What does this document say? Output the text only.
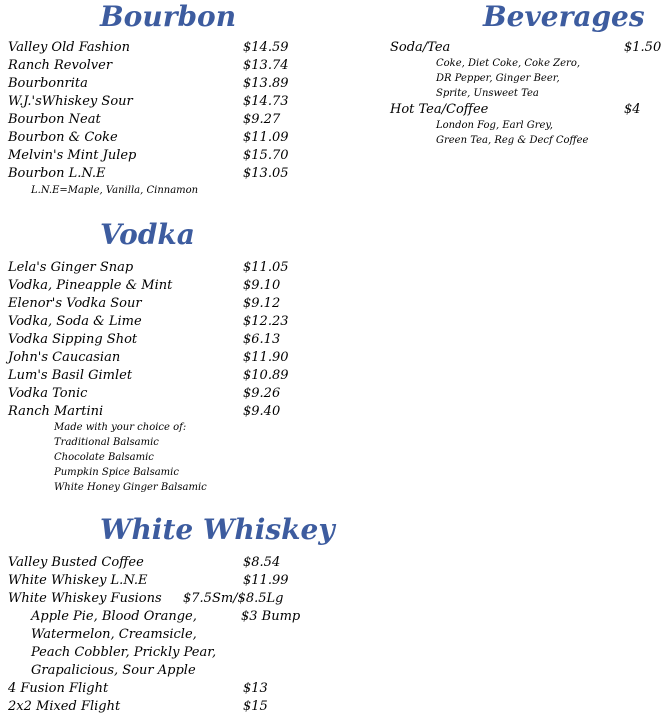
Bourbon
Valley Old Fashion	$14.59
Ranch Revolver	$13.74
Bourbonrita	$13.89
W.J.'sWhiskey Sour	$14.73
Bourbon Neat	$9.27
Bourbon & Coke	$11.09
Melvin's Mint Julep	$15.70
Bourbon L.N.E	$13.05
L.N.E=Maple, Vanilla, Cinnamon
Vodka
Lela's Ginger Snap	$11.05
Vodka, Pineapple & Mint	$9.10
Elenor's Vodka Sour	$9.12
Vodka, Soda & Lime	$12.23
Vodka Sipping Shot	$6.13
John's Caucasian	$11.90
Lum's Basil Gimlet	$10.89
Vodka Tonic	$9.26
Ranch Martini	$9.40
Made with your choice of:
Traditional Balsamic
Chocolate Balsamic
Pumpkin Spice Balsamic
White Honey Ginger Balsamic
White Whiskey
Valley Busted Coffee	$8.54
White Whiskey L.N.E	$11.99
White Whiskey Fusions $7.5Sm/$8.5Lg
Apple Pie, Blood Orange,	$3 Bump
Watermelon, Creamsicle,
Peach Cobbler, Prickly Pear,
Grapalicious, Sour Apple
4 Fusion Flight	$13
2x2 Mixed Flight	$15
Beverages
Soda/Tea	$1.50
Coke, Diet Coke, Coke Zero,
DR Pepper, Ginger Beer,
Sprite, Unsweet Tea
Hot Tea/Coffee	$4
London Fog, Earl Grey,
Green Tea, Reg & Decf Coffee
